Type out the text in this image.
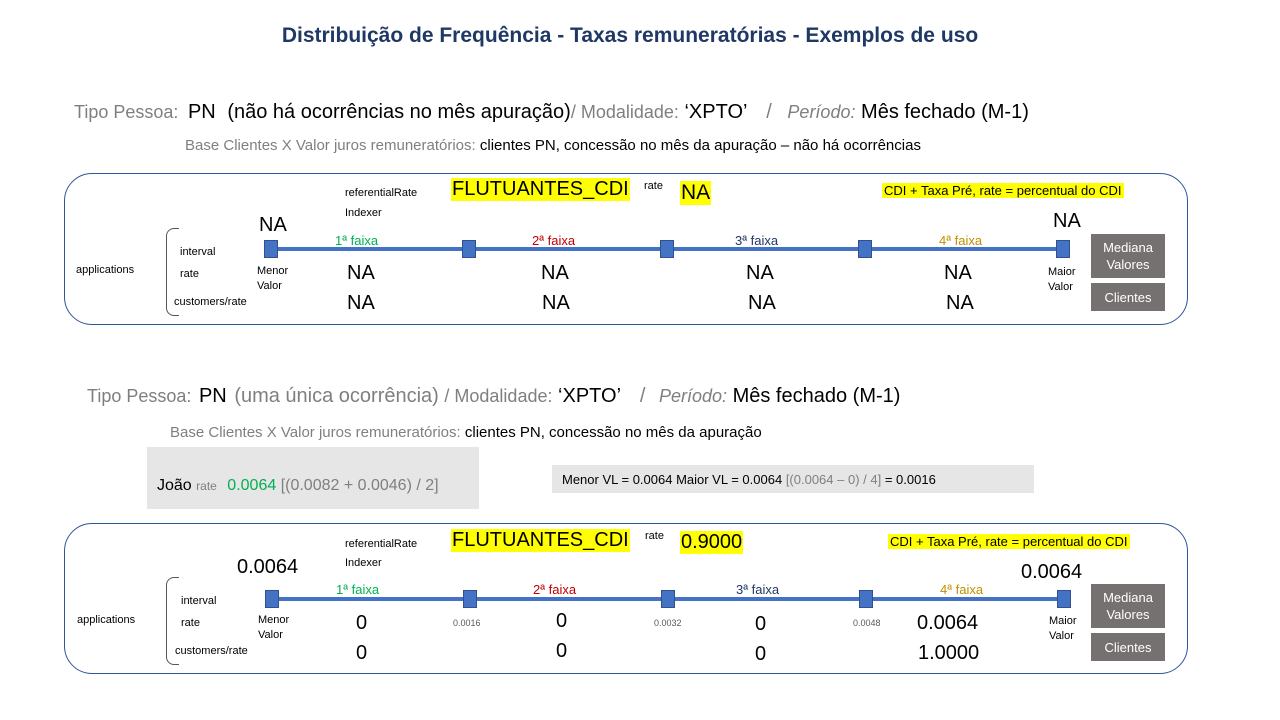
Distribuição de Frequência - Taxas remuneratórias - Exemplos de uso
Tipo Pessoa: PN (não há ocorrências no mês apuração)/ Modalidade: ‘XPTO’ / Período: Mês fechado (M-1)
Base Clientes X Valor juros remuneratórios: clientes PN, concessão no mês da apuração – não há ocorrências
referentialRate
Indexer
FLUTUANTES_CDI rate NA	CDI + Taxa Pré, rate = percentual do CDI
applications
interval
rate
customers/rate
NA	NA
1ª faixa	2ª faixa	3ª faixa	4ª faixa
Menor
Valor
Maior
Valor
NA	NA	NA	NA
NA	NA	NA	NA
Mediana Valores
Clientes
Tipo Pessoa: PN (uma única ocorrência) / Modalidade: ‘XPTO’ / Período: Mês fechado (M-1)
Base Clientes X Valor juros remuneratórios: clientes PN, concessão no mês da apuração
João rate 0.0064 [(0.0082 + 0.0046) / 2]	Menor VL = 0.0064 Maior VL = 0.0064 [(0.0064 – 0) / 4] = 0.0016
referentialRate
Indexer
FLUTUANTES_CDI rate 0.9000	CDI + Taxa Pré, rate = percentual do CDI
applications
interval
rate
customers/rate
0.0064	0.0064
1ª faixa	2ª faixa	3ª faixa	4ª faixa
Menor
Valor
Maior
Valor
0.0016	0.0032	0.0048
0	0	0	0.0064
0	0	0	1.0000
Mediana Valores
Clientes
